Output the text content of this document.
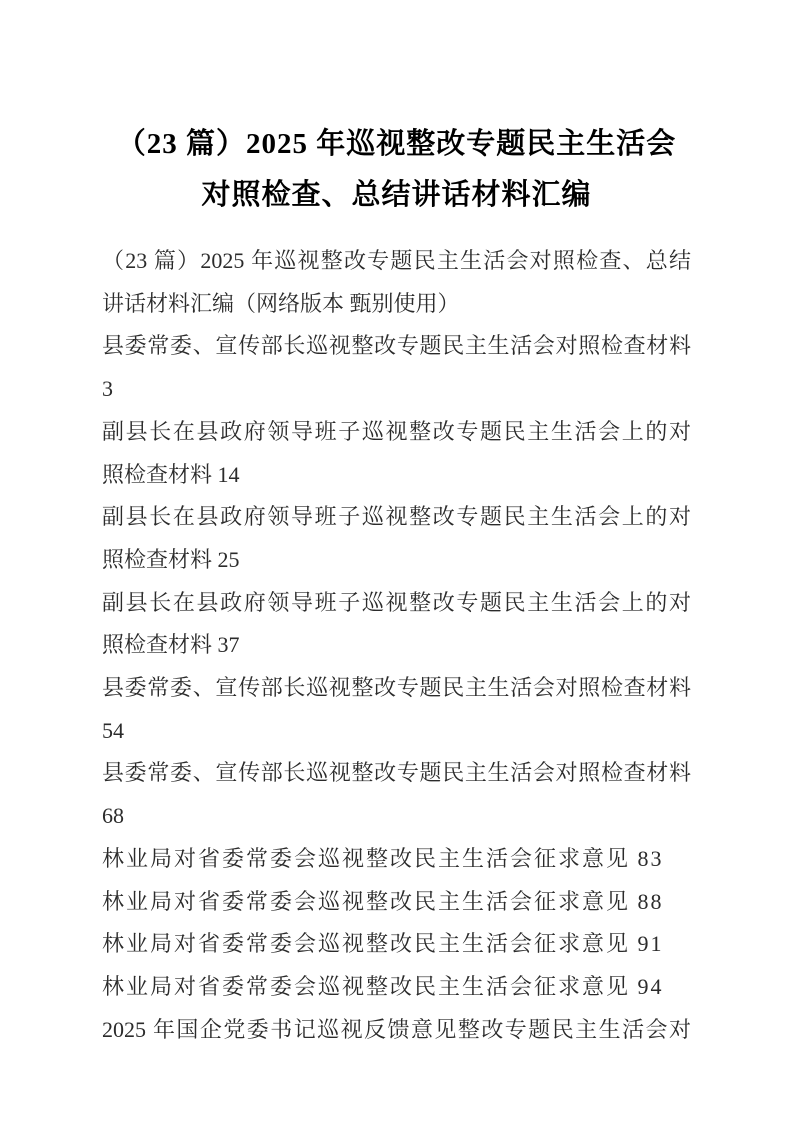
（23 篇）2025 年巡视整改专题民主生活会
对照检查、总结讲话材料汇编
（23 篇）2025 年巡视整改专题民主生活会对照检查、总结
讲话材料汇编（网络版本 甄别使用）
县委常委、宣传部长巡视整改专题民主生活会对照检查材料
3
副县长在县政府领导班子巡视整改专题民主生活会上的对
照检查材料 14
副县长在县政府领导班子巡视整改专题民主生活会上的对
照检查材料 25
副县长在县政府领导班子巡视整改专题民主生活会上的对
照检查材料 37
县委常委、宣传部长巡视整改专题民主生活会对照检查材料
54
县委常委、宣传部长巡视整改专题民主生活会对照检查材料
68
林业局对省委常委会巡视整改民主生活会征求意见 83
林业局对省委常委会巡视整改民主生活会征求意见 88
林业局对省委常委会巡视整改民主生活会征求意见 91
林业局对省委常委会巡视整改民主生活会征求意见 94
2025 年国企党委书记巡视反馈意见整改专题民主生活会对
